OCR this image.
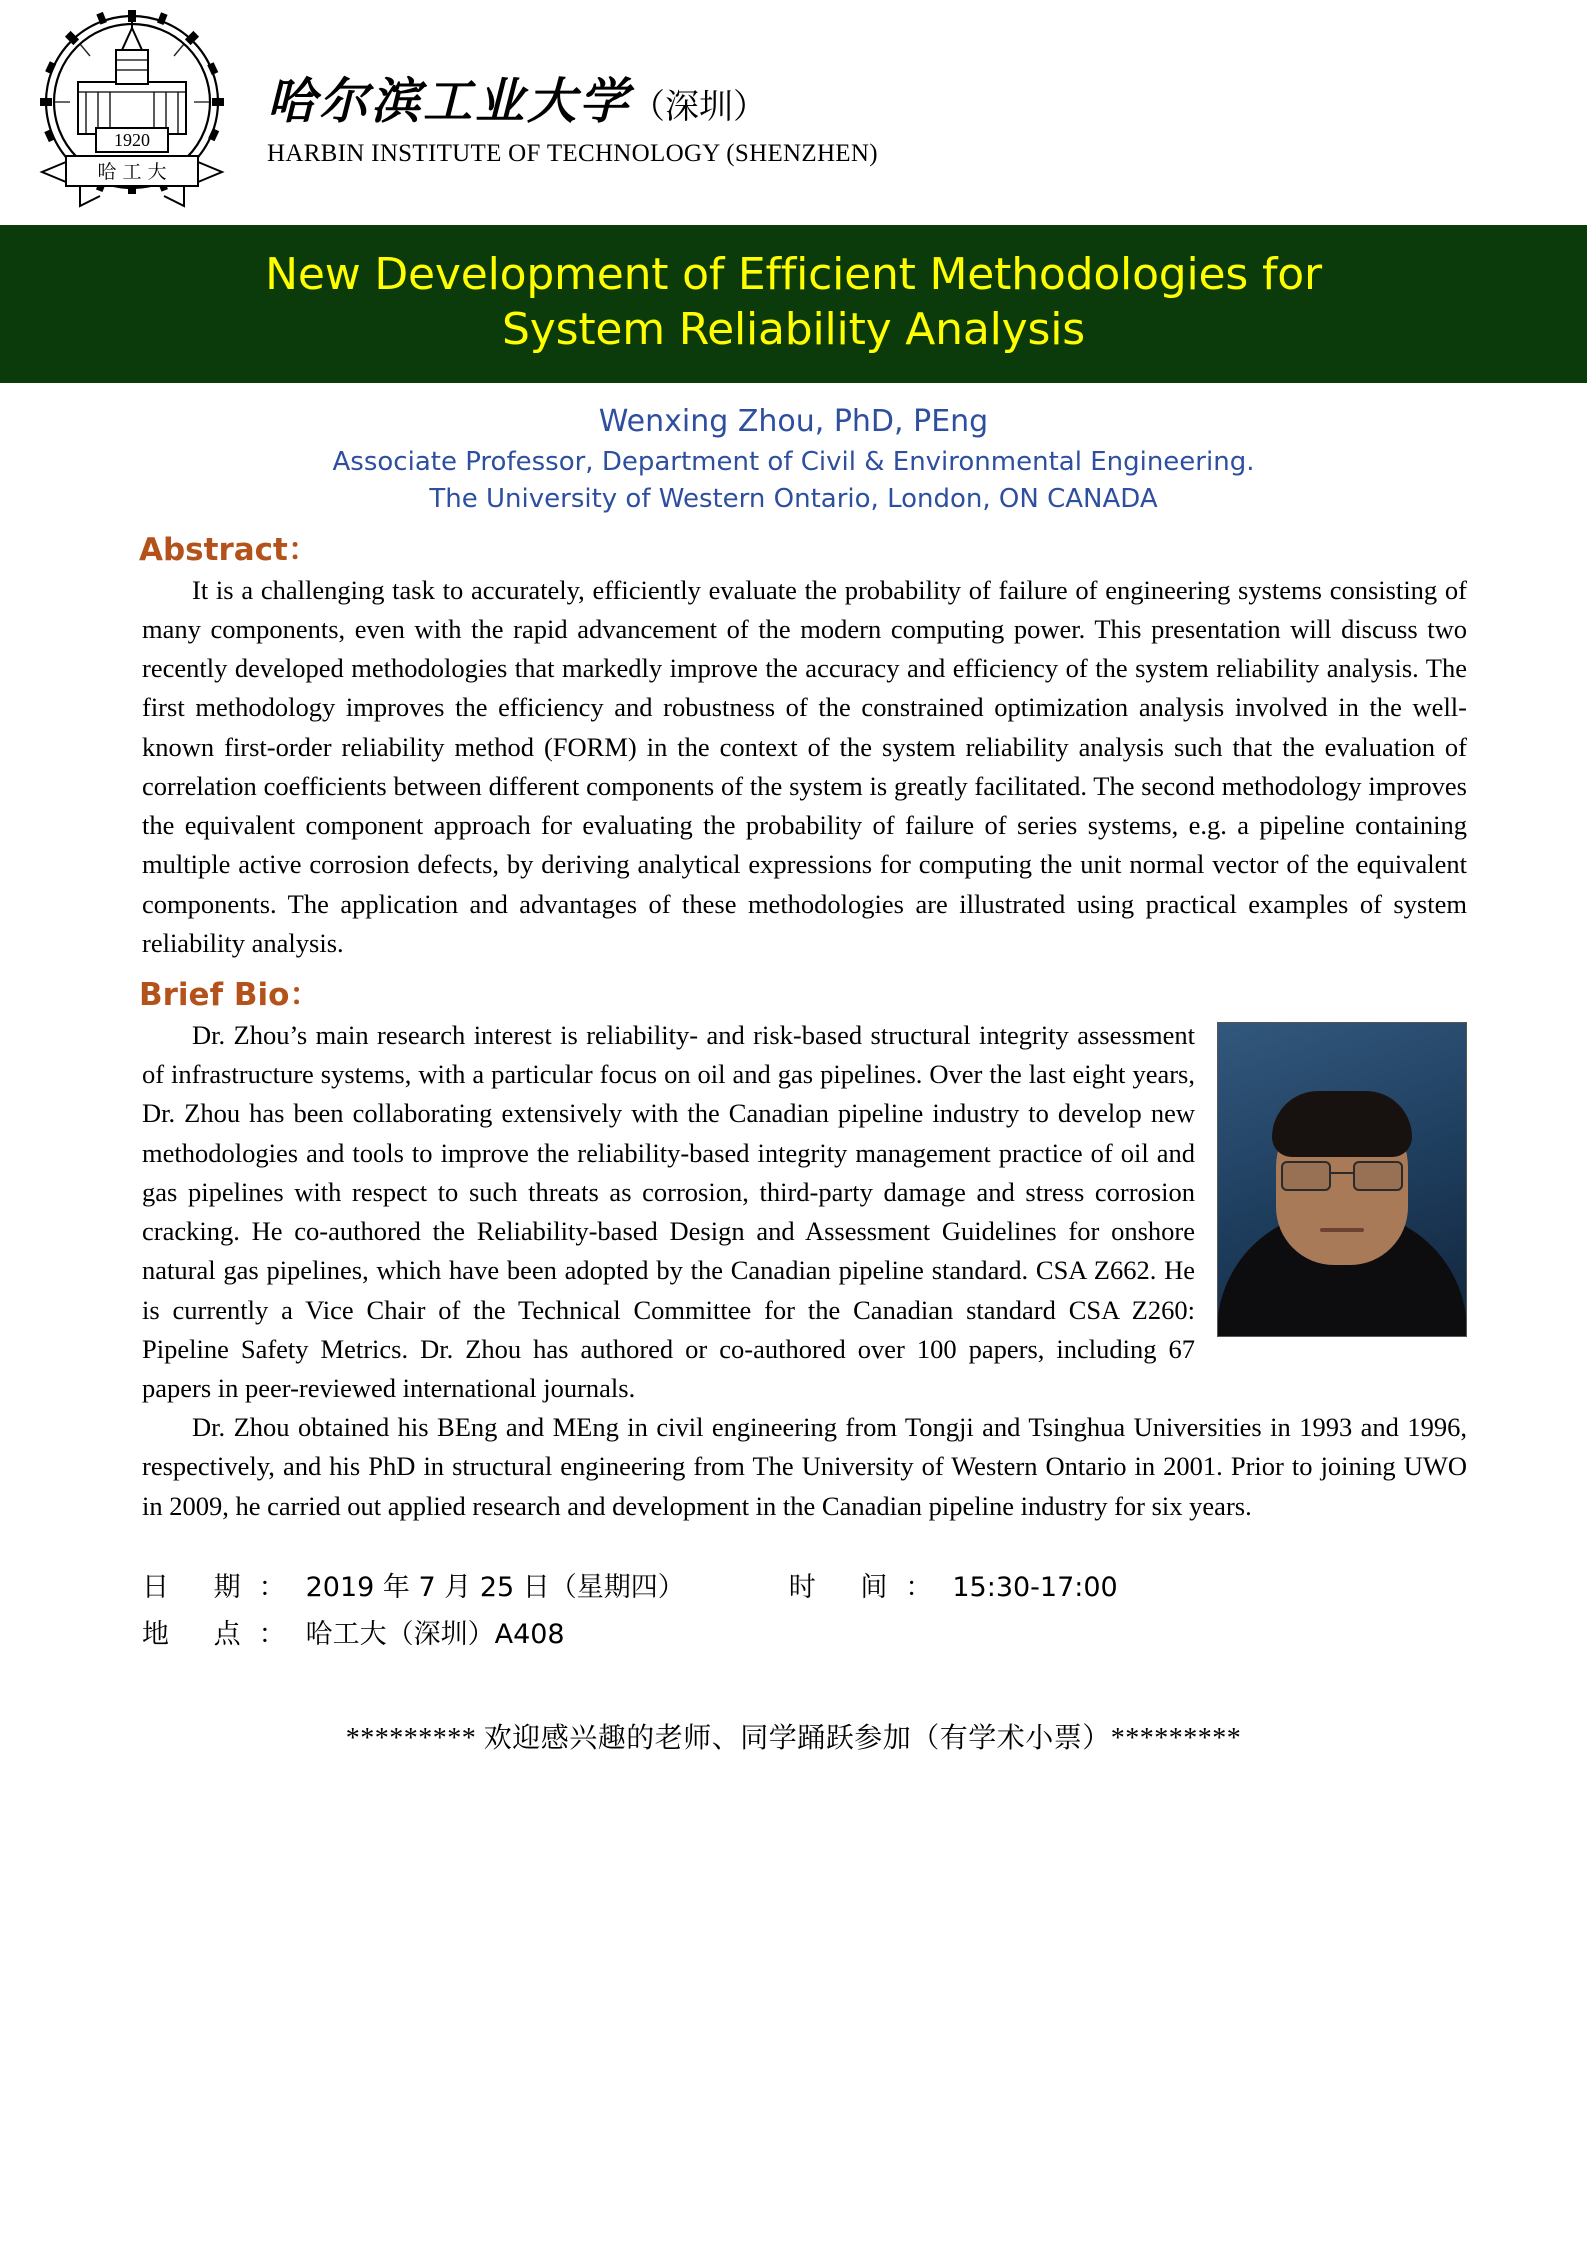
1920
哈 工 大
哈尔滨工业大学（深圳）
HARBIN INSTITUTE OF TECHNOLOGY (SHENZHEN)
New Development of Efficient Methodologies for
System Reliability Analysis
Wenxing Zhou, PhD, PEng
Associate Professor, Department of Civil & Environmental Engineering.
The University of Western Ontario, London, ON CANADA
Abstract：

It is a challenging task to accurately, efficiently evaluate the probability of failure of engineering systems consisting of many components, even with the rapid advancement of the modern computing power. This presentation will discuss two recently developed methodologies that markedly improve the accuracy and efficiency of the system reliability analysis. The first methodology improves the efficiency and robustness of the constrained optimization analysis involved in the well-known first-order reliability method (FORM) in the context of the system reliability analysis such that the evaluation of correlation coefficients between different components of the system is greatly facilitated. The second methodology improves the equivalent component approach for evaluating the probability of failure of series systems, e.g. a pipeline containing multiple active corrosion defects, by deriving analytical expressions for computing the unit normal vector of the equivalent components. The application and advantages of these methodologies are illustrated using practical examples of system reliability analysis.

Brief Bio：

Dr. Zhou’s main research interest is reliability- and risk-based structural integrity assessment of infrastructure systems, with a particular focus on oil and gas pipelines. Over the last eight years, Dr. Zhou has been collaborating extensively with the Canadian pipeline industry to develop new methodologies and tools to improve the reliability-based integrity management practice of oil and gas pipelines with respect to such threats as corrosion, third-party damage and stress corrosion cracking. He co-authored the Reliability-based Design and Assessment Guidelines for onshore natural gas pipelines, which have been adopted by the Canadian pipeline standard. CSA Z662. He is currently a Vice Chair of the Technical Committee for the Canadian standard CSA Z260: Pipeline Safety Metrics. Dr. Zhou has authored or co-authored over 100 papers, including 67 papers in peer-reviewed international journals.

Dr. Zhou obtained his BEng and MEng in civil engineering from Tongji and Tsinghua Universities in 1993 and 1996, respectively, and his PhD in structural engineering from The University of Western Ontario in 2001. Prior to joining UWO in 2009, he carried out applied research and development in the Canadian pipeline industry for six years.

日 期： 2019 年 7 月 25 日（星期四）	时 间： 15:30-17:00
地 点： 哈工大（深圳）A408
********* 欢迎感兴趣的老师、同学踊跃参加（有学术小票）*********
